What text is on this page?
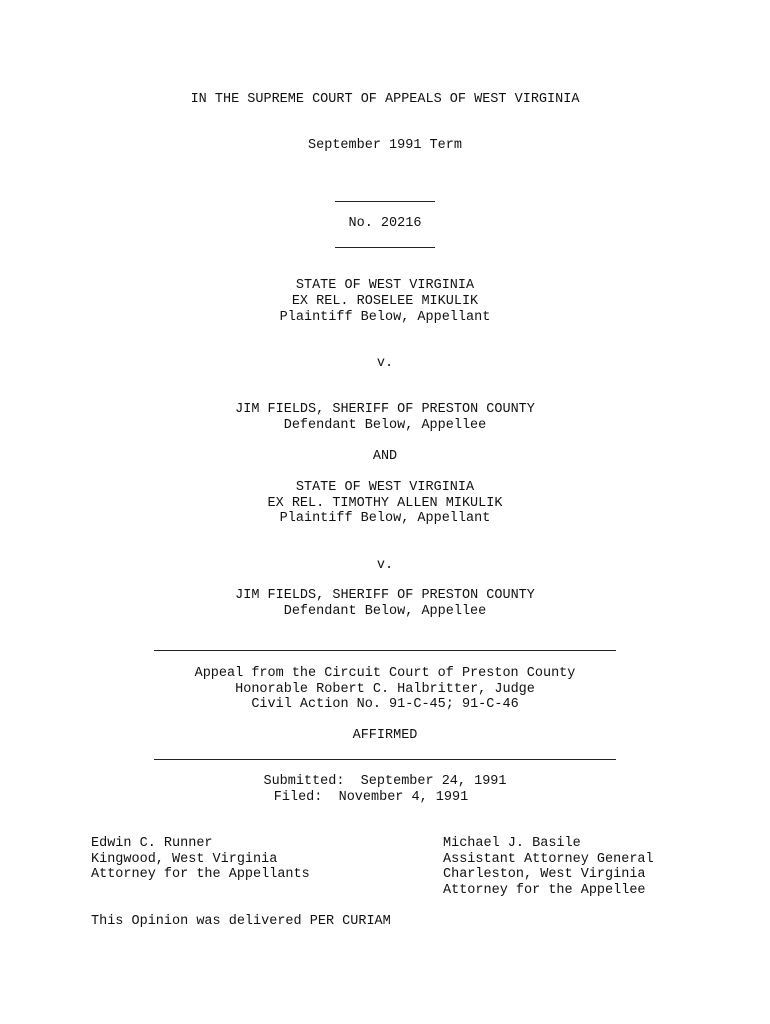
IN THE SUPREME COURT OF APPEALS OF WEST VIRGINIA
September 1991 Term
No. 20216
STATE OF WEST VIRGINIA
EX REL. ROSELEE MIKULIK
Plaintiff Below, Appellant
v.
JIM FIELDS, SHERIFF OF PRESTON COUNTY
Defendant Below, Appellee
AND
STATE OF WEST VIRGINIA
EX REL. TIMOTHY ALLEN MIKULIK
Plaintiff Below, Appellant
v.
JIM FIELDS, SHERIFF OF PRESTON COUNTY
Defendant Below, Appellee
Appeal from the Circuit Court of Preston County
Honorable Robert C. Halbritter, Judge
Civil Action No. 91-C-45; 91-C-46
AFFIRMED
Submitted:  September 24, 1991
Filed:  November 4, 1991
Edwin C. Runner
Kingwood, West Virginia
Attorney for the Appellants
Michael J. Basile
Assistant Attorney General
Charleston, West Virginia
Attorney for the Appellee
This Opinion was delivered PER CURIAM
